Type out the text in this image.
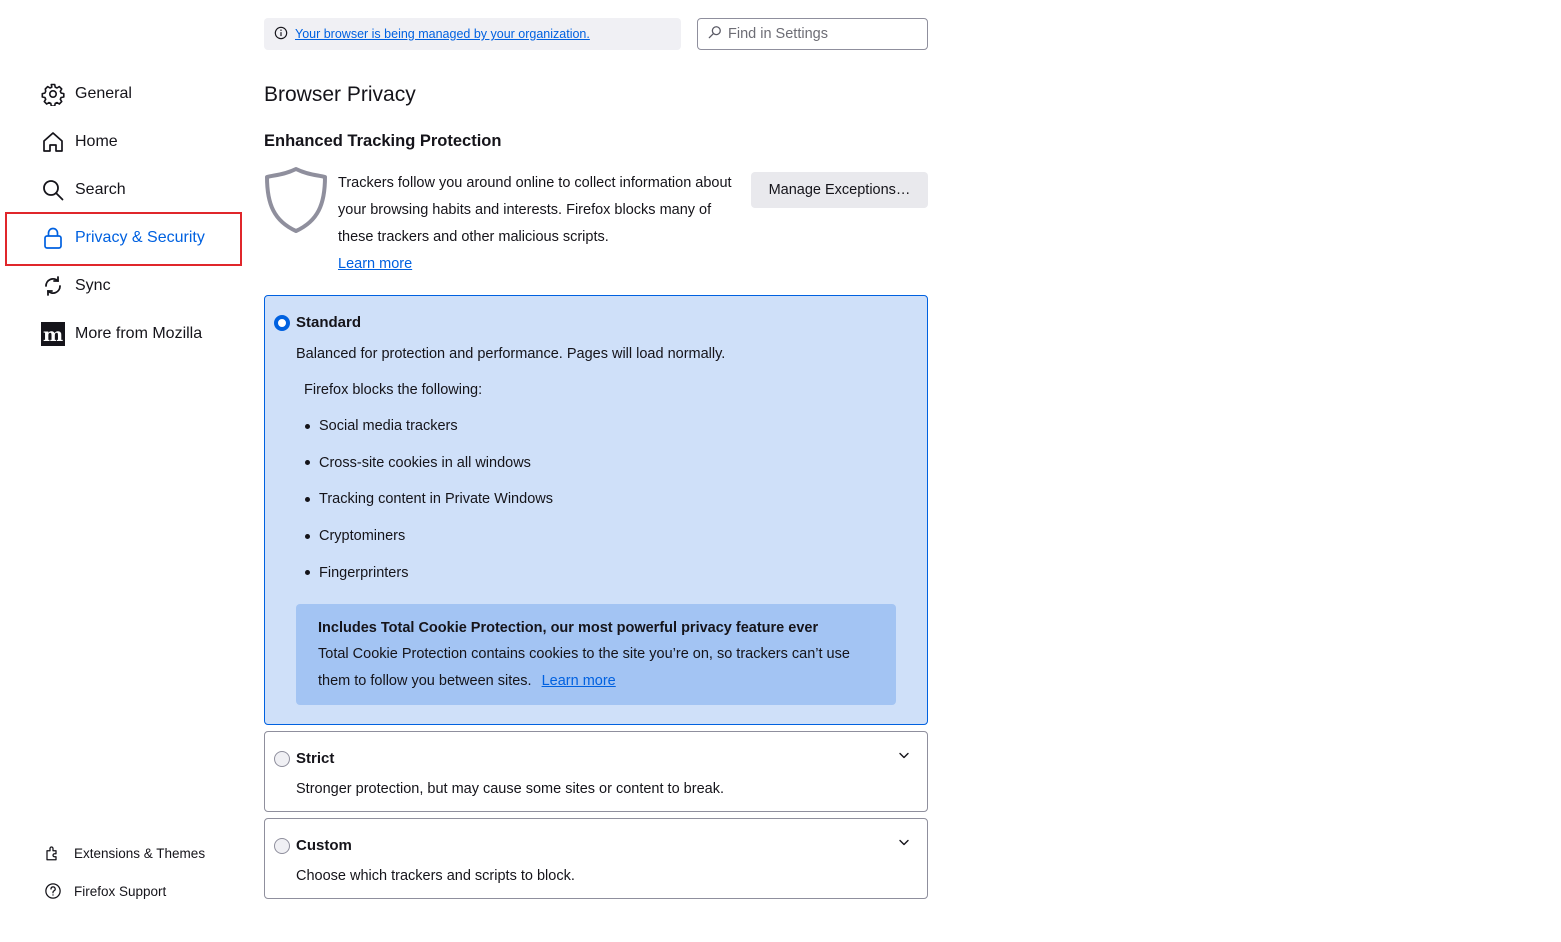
General
Home
Search
Privacy & Security
Sync
m More from Mozilla
Extensions & Themes
Firefox Support
Your browser is being managed by your organization.
Find in Settings
Browser Privacy
Enhanced Tracking Protection
Trackers follow you around online to collect information about your browsing habits and interests. Firefox blocks many of these trackers and other malicious scripts.
Learn more
Manage Exceptions…
Standard
Balanced for protection and performance. Pages will load normally.
Firefox blocks the following:
Social media trackers
Cross-site cookies in all windows
Tracking content in Private Windows
Cryptominers
Fingerprinters
Includes Total Cookie Protection, our most powerful privacy feature ever
Total Cookie Protection contains cookies to the site you’re on, so trackers can’t use them to follow you between sites. Learn more
Strict
Stronger protection, but may cause some sites or content to break.
Custom
Choose which trackers and scripts to block.
